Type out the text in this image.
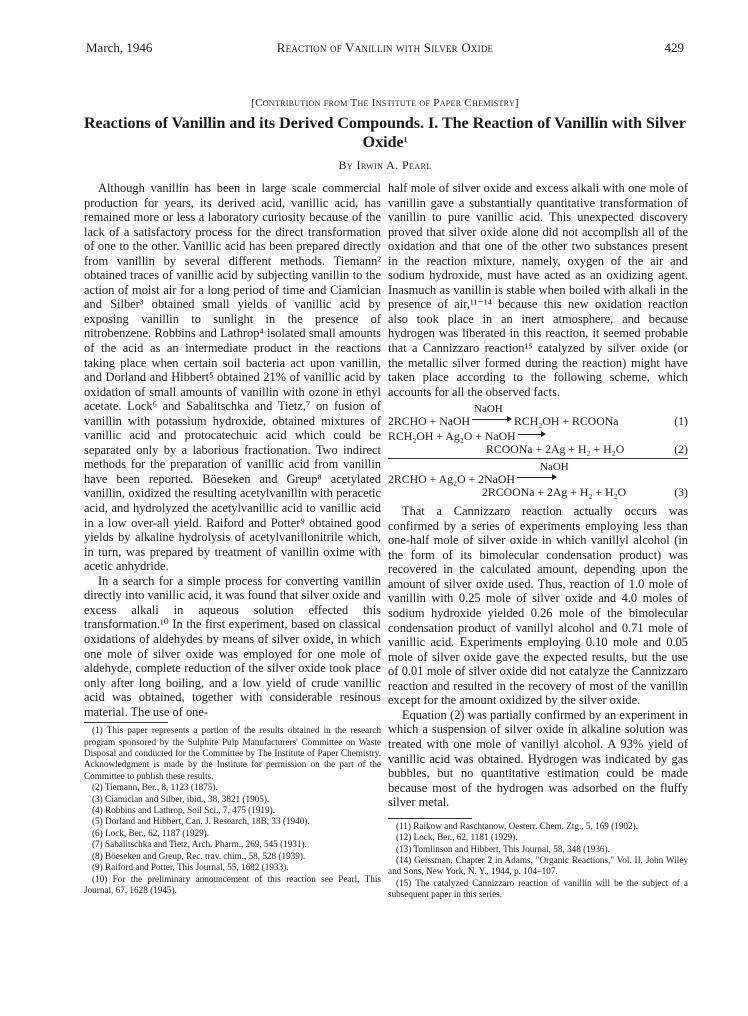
March, 1946	Reaction of Vanillin with Silver Oxide	429
[Contribution from The Institute of Paper Chemistry]
Reactions of Vanillin and its Derived Compounds. I. The Reaction of Vanillin with Silver Oxide$^1$
By Irwin A. Pearl

Although vanillin has been in large scale commercial production for years, its derived acid, vanillic acid, has remained more or less a laboratory curiosity because of the lack of a satisfactory process for the direct transformation of one to the other. Vanillic acid has been prepared directly from vanillin by several different methods. Tiemann² obtained traces of vanillic acid by subjecting vanillin to the action of moist air for a long period of time and Ciamician and Silber³ obtained small yields of vanillic acid by exposing vanillin to sunlight in the presence of nitrobenzene. Robbins and Lathrop⁴ isolated small amounts of the acid as an intermediate product in the reactions taking place when certain soil bacteria act upon vanillin, and Dorland and Hibbert⁵ obtained 21% of vanillic acid by oxidation of small amounts of vanillin with ozone in ethyl acetate. Lock⁶ and Sabalitschka and Tietz,⁷ on fusion of vanillin with potassium hydroxide, obtained mixtures of vanillic acid and protocatechuic acid which could be separated only by a laborious fractionation. Two indirect methods for the preparation of vanillic acid from vanillin have been reported. Böeseken and Greup⁸ acetylated vanillin, oxidized the resulting acetylvanillin with peracetic acid, and hydrolyzed the acetylvanillic acid to vanillic acid in a low over-all yield. Raiford and Potter⁹ obtained good yields by alkaline hydrolysis of acetylvanillonitrile which, in turn, was prepared by treatment of vanillin oxime with acetic anhydride.

In a search for a simple process for converting vanillin directly into vanillic acid, it was found that silver oxide and excess alkali in aqueous solution effected this transformation.¹⁰ In the first experiment, based on classical oxidations of aldehydes by means of silver oxide, in which one mole of silver oxide was employed for one mole of aldehyde, complete reduction of the silver oxide took place only after long boiling, and a low yield of crude vanillic acid was obtained, together with considerable resinous material. The use of one-

(1) This paper represents a portion of the results obtained in the research program sponsored by the Sulphite Pulp Manufacturers' Committee on Waste Disposal and conducted for the Committee by The Institute of Paper Chemistry. Acknowledgment is made by the Institute for permission on the part of the Committee to publish these results.
(2) Tiemann, Ber., 8, 1123 (1875).
(3) Ciamician and Silber, ibid., 38, 3821 (1905).
(4) Robbins and Lathrop, Soil Sci., 7, 475 (1919).
(5) Dorland and Hibbert, Can. J. Research, 18B, 33 (1940).
(6) Lock, Ber., 62, 1187 (1929).
(7) Sabalitschka and Tietz, Arch. Pharm., 269, 545 (1931).
(8) Böeseken and Greup, Rec. trav. chim., 58, 528 (1939).
(9) Raiford and Potter, This Journal, 55, 1682 (1933).
(10) For the preliminary announcement of this reaction see Pearl, This Journal, 67, 1628 (1945).

half mole of silver oxide and excess alkali with one mole of vanillin gave a substantially quantitative transformation of vanillin to pure vanillic acid. This unexpected discovery proved that silver oxide alone did not accomplish all of the oxidation and that one of the other two substances present in the reaction mixture, namely, oxygen of the air and sodium hydroxide, must have acted as an oxidizing agent. Inasmuch as vanillin is stable when boiled with alkali in the presence of air,¹¹⁻¹⁴ because this new oxidation reaction also took place in an inert atmosphere, and because hydrogen was liberated in this reaction, it seemed probable that a Cannizzaro reaction¹⁵ catalyzed by silver oxide (or the metallic silver formed during the reaction) might have taken place according to the following scheme, which accounts for all the observed facts.

NaOH
2RCHO + NaOH	RCH₂OH + RCOONa	(1)
RCH₂OH + Ag₂O + NaOH
RCOONa + 2Ag + H₂ + H₂O	(2)
NaOH
2RCHO + Ag₂O + 2NaOH
2RCOONa + 2Ag + H₂ + H₂O	(3)

That a Cannizzaro reaction actually occurs was confirmed by a series of experiments employing less than one-half mole of silver oxide in which vanillyl alcohol (in the form of its bimolecular condensation product) was recovered in the calculated amount, depending upon the amount of silver oxide used. Thus, reaction of 1.0 mole of vanillin with 0.25 mole of silver oxide and 4.0 moles of sodium hydroxide yielded 0.26 mole of the bimolecular condensation product of vanillyl alcohol and 0.71 mole of vanillic acid. Experiments employing 0.10 mole and 0.05 mole of silver oxide gave the expected results, but the use of 0.01 mole of silver oxide did not catalyze the Cannizzaro reaction and resulted in the recovery of most of the vanillin except for the amount oxidized by the silver oxide.

Equation (2) was partially confirmed by an experiment in which a suspension of silver oxide in alkaline solution was treated with one mole of vanillyl alcohol. A 93% yield of vanillic acid was obtained. Hydrogen was indicated by gas bubbles, but no quantitative estimation could be made because most of the hydrogen was adsorbed on the fluffy silver metal.

(11) Raikow and Raschtanow, Oesterr. Chem. Ztg., 5, 169 (1902).
(12) Lock, Ber., 62, 1181 (1929).
(13) Tomlinson and Hibbert, This Journal, 58, 348 (1936).
(14) Geissman, Chapter 2 in Adams, "Organic Reactions," Vol. II, John Wiley and Sons, New York, N. Y., 1944, p. 104–107.
(15) The catalyzed Cannizzaro reaction of vanillin will be the subject of a subsequent paper in this series.
